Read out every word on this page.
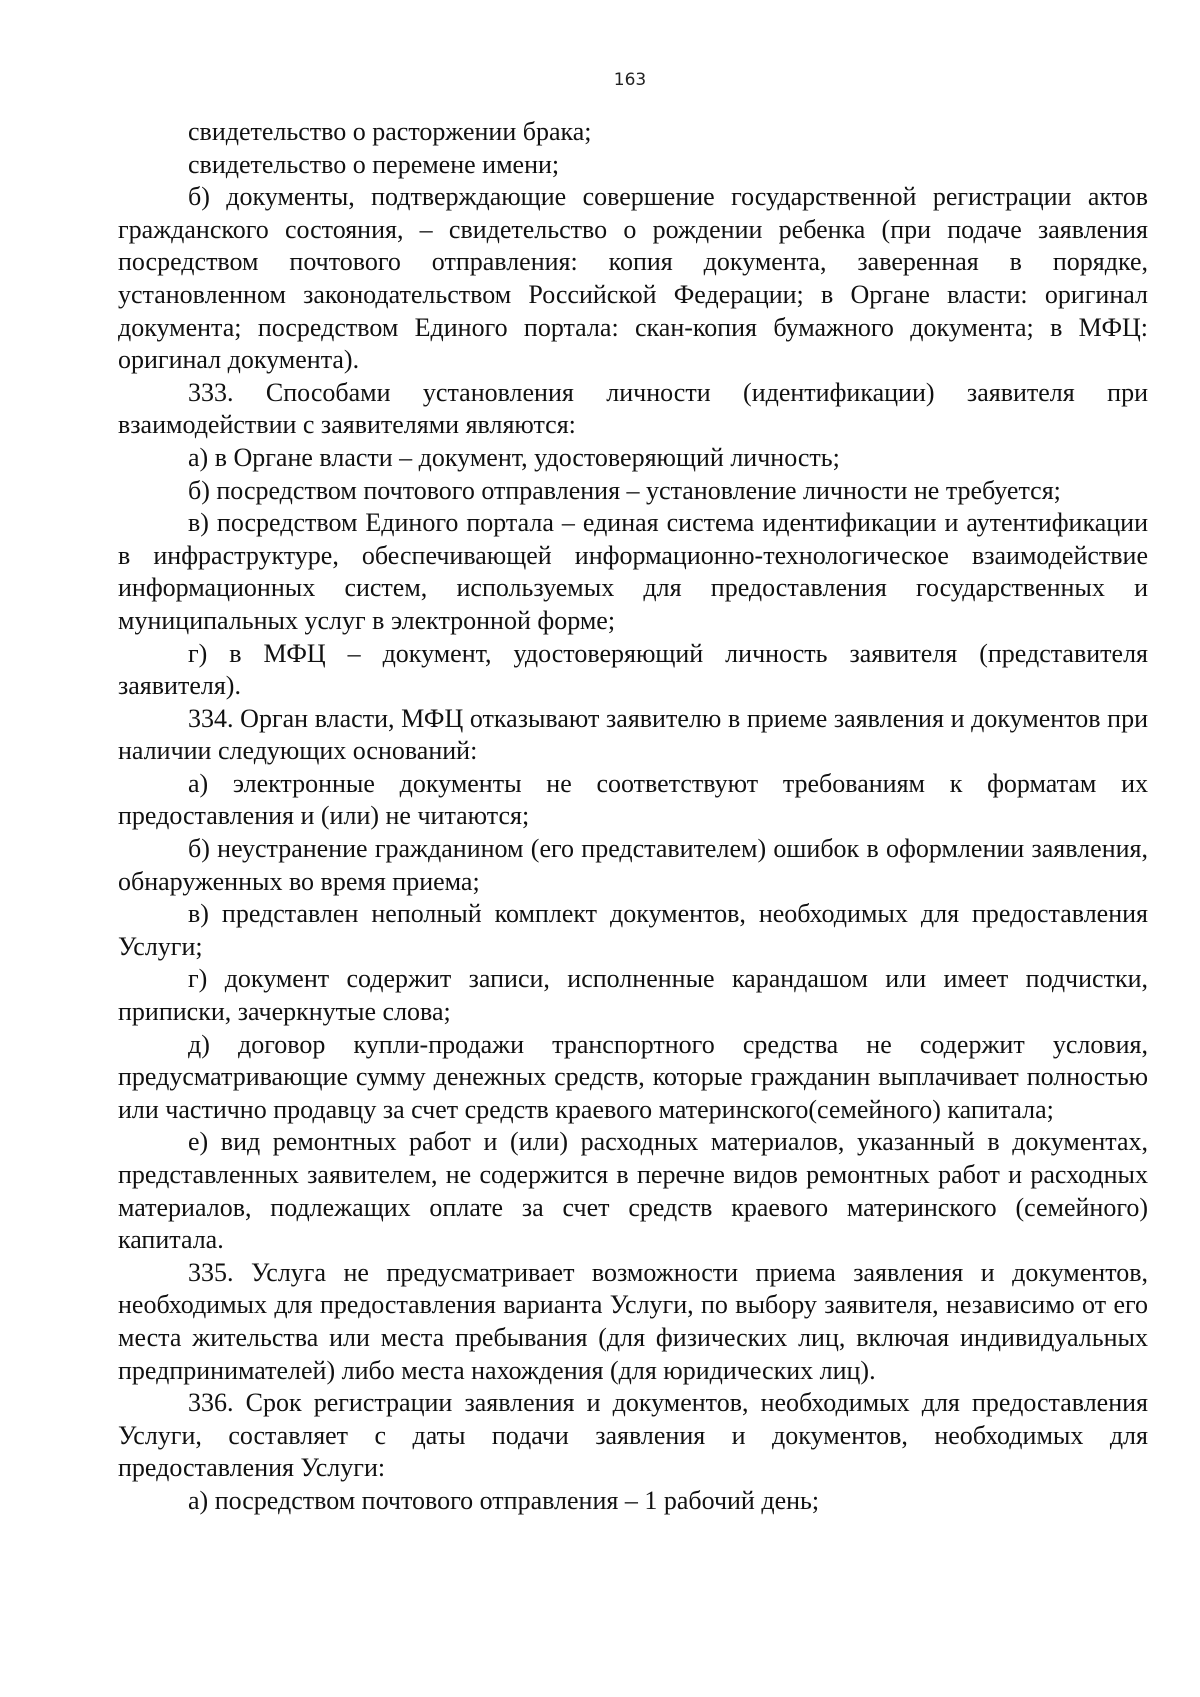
163

свидетельство о расторжении брака;

свидетельство о перемене имени;

б) документы, подтверждающие совершение государственной регистрации актов гражданского состояния, – свидетельство о рождении ребенка (при подаче заявления посредством почтового отправления: копия документа, заверенная в порядке, установленном законодательством Российской Федерации; в Органе власти: оригинал документа; посредством Единого портала: скан-копия бумажного документа; в МФЦ: оригинал документа).

333. Способами установления личности (идентификации) заявителя при взаимодействии с заявителями являются:

а) в Органе власти – документ, удостоверяющий личность;

б) посредством почтового отправления – установление личности не требуется;

в) посредством Единого портала – единая система идентификации и аутентификации в инфраструктуре, обеспечивающей информационно-технологическое взаимодействие информационных систем, используемых для предоставления государственных и муниципальных услуг в электронной форме;

г) в МФЦ – документ, удостоверяющий личность заявителя (представителя заявителя).

334. Орган власти, МФЦ отказывают заявителю в приеме заявления и документов при наличии следующих оснований:

а) электронные документы не соответствуют требованиям к форматам их предоставления и (или) не читаются;

б) неустранение гражданином (его представителем) ошибок в оформлении заявления, обнаруженных во время приема;

в) представлен неполный комплект документов, необходимых для предоставления Услуги;

г) документ содержит записи, исполненные карандашом или имеет подчистки, приписки, зачеркнутые слова;

д) договор купли-продажи транспортного средства не содержит условия, предусматривающие сумму денежных средств, которые гражданин выплачивает полностью или частично продавцу за счет средств краевого материнского(семейного) капитала;

е) вид ремонтных работ и (или) расходных материалов, указанный в документах, представленных заявителем, не содержится в перечне видов ремонтных работ и расходных материалов, подлежащих оплате за счет средств краевого материнского (семейного) капитала.

335. Услуга не предусматривает возможности приема заявления и документов, необходимых для предоставления варианта Услуги, по выбору заявителя, независимо от его места жительства или места пребывания (для физических лиц, включая индивидуальных предпринимателей) либо места нахождения (для юридических лиц).

336. Срок регистрации заявления и документов, необходимых для предоставления Услуги, составляет с даты подачи заявления и документов, необходимых для предоставления Услуги:

а) посредством почтового отправления – 1 рабочий день;
